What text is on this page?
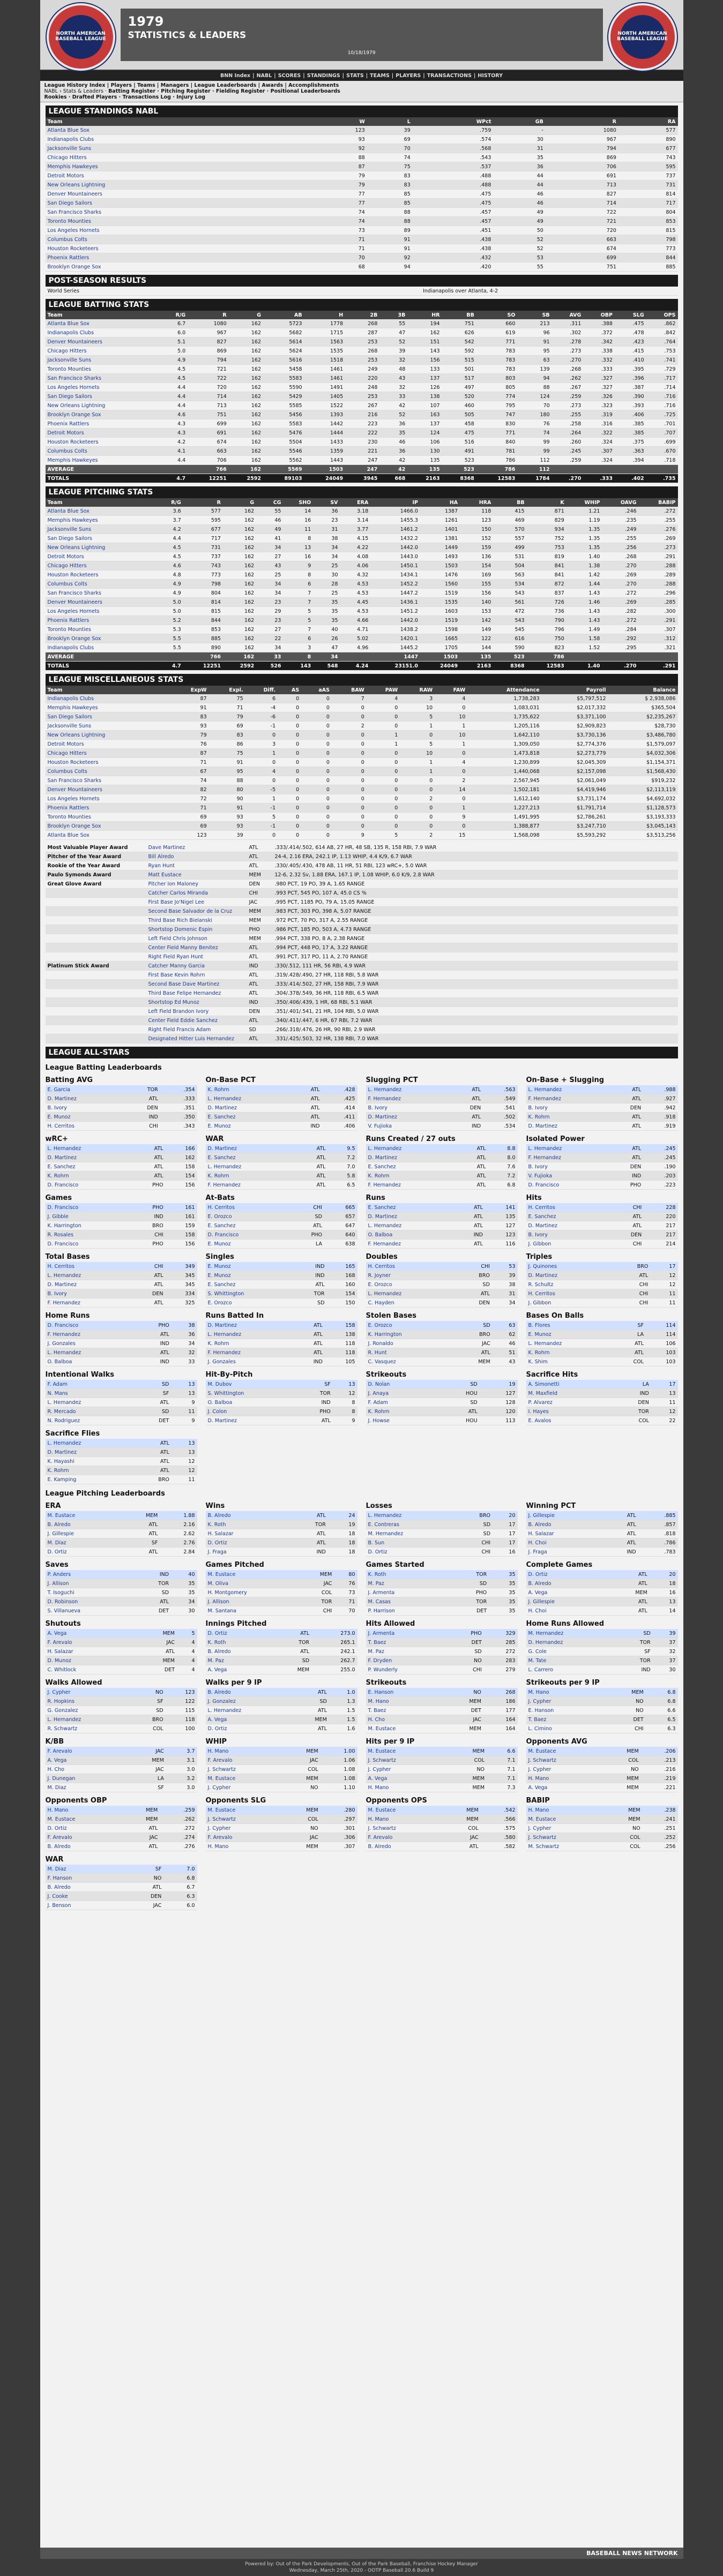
NORTH AMERICAN BASEBALL LEAGUE
1979
STATISTICS & LEADERS
10/18/1979
NORTH AMERICAN BASEBALL LEAGUE
BNN Index | NABL | SCORES | STANDINGS | STATS | TEAMS | PLAYERS | TRANSACTIONS | HISTORY
League History Index | Players | Teams | Managers | League Leaderboards | Awards | Accomplishments
NABL › Stats & Leaders · Batting Register · Pitching Register · Fielding Register · Positional Leaderboards
Rookies · Drafted Players · Transactions Log · Injury Log
LEAGUE STANDINGS NABL
Team	W	L	WPct	GB	R	RA
Atlanta Blue Sox	123	39	.759	-	1080	577
Indianapolis Clubs	93	69	.574	30	967	890
Jacksonville Suns	92	70	.568	31	794	677
Chicago Hitters	88	74	.543	35	869	743
Memphis Hawkeyes	87	75	.537	36	706	595
Detroit Motors	79	83	.488	44	691	737
New Orleans Lightning	79	83	.488	44	713	731
Denver Mountaineers	77	85	.475	46	827	814
San Diego Sailors	77	85	.475	46	714	717
San Francisco Sharks	74	88	.457	49	722	804
Toronto Mounties	74	88	.457	49	721	853
Los Angeles Hornets	73	89	.451	50	720	815
Columbus Colts	71	91	.438	52	663	798
Houston Rocketeers	71	91	.438	52	674	773
Phoenix Rattlers	70	92	.432	53	699	844
Brooklyn Orange Sox	68	94	.420	55	751	885
POST-SEASON RESULTS
World Series	Indianapolis over Atlanta, 4-2
LEAGUE BATTING STATS
Team	R/G	R	G	AB	H	2B	3B	HR	BB	SO	SB	AVG	OBP	SLG	OPS
Atlanta Blue Sox	6.7	1080	162	5723	1778	268	55	194	751	660	213	.311	.388	.475	.862
Indianapolis Clubs	6.0	967	162	5682	1715	287	47	162	626	619	96	.302	.372	.478	.842
Denver Mountaineers	5.1	827	162	5614	1563	253	52	151	542	771	91	.278	.342	.423	.764
Chicago Hitters	5.0	869	162	5624	1535	268	39	143	592	783	95	.273	.338	.415	.753
Jacksonville Suns	4.9	794	162	5616	1518	253	32	156	515	783	63	.270	.332	.410	.741
Toronto Mounties	4.5	721	162	5458	1461	249	48	133	501	783	139	.268	.333	.395	.729
San Francisco Sharks	4.5	722	162	5583	1461	220	43	137	517	803	94	.262	.327	.396	.717
Los Angeles Hornets	4.4	720	162	5590	1491	248	32	126	497	805	88	.267	.327	.387	.714
San Diego Sailors	4.4	714	162	5429	1405	253	33	138	520	774	124	.259	.326	.390	.716
New Orleans Lightning	4.4	713	162	5585	1522	267	42	107	460	795	70	.273	.323	.393	.716
Brooklyn Orange Sox	4.6	751	162	5456	1393	216	52	163	505	747	180	.255	.319	.406	.725
Phoenix Rattlers	4.3	699	162	5583	1442	223	36	137	458	830	76	.258	.316	.385	.701
Detroit Motors	4.3	691	162	5476	1444	222	35	124	475	771	74	.264	.322	.385	.707
Houston Rocketeers	4.2	674	162	5504	1433	230	46	106	516	840	99	.260	.324	.375	.699
Columbus Colts	4.1	663	162	5546	1359	221	36	130	491	781	99	.245	.307	.363	.670
Memphis Hawkeyes	4.4	706	162	5562	1443	247	42	135	523	786	112	.259	.324	.394	.718
AVERAGE		766	162	5569	1503	247	42	135	523	786	112				
TOTALS	4.7	12251	2592	89103	24049	3945	668	2163	8368	12583	1784	.270	.333	.402	.735
LEAGUE PITCHING STATS
Team	R/G	R	G	CG	SHO	SV	ERA	IP	HA	HRA	BB	K	WHIP	OAVG	BABIP
Atlanta Blue Sox	3.6	577	162	55	14	36	3.18	1466.0	1387	118	415	871	1.21	.246	.272
Memphis Hawkeyes	3.7	595	162	46	16	23	3.14	1455.3	1261	123	469	829	1.19	.235	.255
Jacksonville Suns	4.2	677	162	49	11	31	3.77	1461.2	1401	150	570	934	1.35	.249	.276
San Diego Sailors	4.4	717	162	41	8	38	4.15	1432.2	1381	152	557	752	1.35	.255	.269
New Orleans Lightning	4.5	731	162	34	13	34	4.22	1442.0	1449	159	499	753	1.35	.256	.273
Detroit Motors	4.5	737	162	27	16	34	4.08	1443.0	1493	136	531	819	1.40	.268	.291
Chicago Hitters	4.6	743	162	43	9	25	4.06	1450.1	1503	154	504	841	1.38	.270	.288
Houston Rocketeers	4.8	773	162	25	8	30	4.32	1434.1	1476	169	563	841	1.42	.269	.289
Columbus Colts	4.9	798	162	34	6	28	4.53	1452.2	1560	155	534	872	1.44	.270	.288
San Francisco Sharks	4.9	804	162	34	7	25	4.53	1447.2	1519	156	543	837	1.43	.272	.296
Denver Mountaineers	5.0	814	162	23	7	35	4.45	1436.1	1535	140	561	726	1.46	.269	.285
Los Angeles Hornets	5.0	815	162	29	5	35	4.53	1451.2	1603	153	472	736	1.43	.282	.300
Phoenix Rattlers	5.2	844	162	23	5	35	4.66	1442.0	1519	142	543	790	1.43	.272	.291
Toronto Mounties	5.3	853	162	27	7	40	4.71	1438.2	1598	149	545	796	1.49	.284	.307
Brooklyn Orange Sox	5.5	885	162	22	6	26	5.02	1420.1	1665	122	616	750	1.58	.292	.312
Indianapolis Clubs	5.5	890	162	34	3	47	4.96	1445.2	1705	144	590	823	1.52	.295	.321
AVERAGE		766	162	33	8	34		1447	1503	135	523	786			
TOTALS	4.7	12251	2592	526	143	548	4.24	23151.0	24049	2163	8368	12583	1.40	.270	.291
LEAGUE MISCELLANEOUS STATS
Team	ExpW	Expl.	Diff.	AS	aAS	BAW	PAW	RAW	FAW	Attendance	Payroll	Balance
Indianapolis Clubs	87	75	6	0	0	7	4	3	4	1,738,283	$5,797,512	$ 2,938,086
Memphis Hawkeyes	91	71	-4	0	0	0	0	10	0	1,083,031	$2,017,332	$365,504
San Diego Sailors	83	79	-6	0	0	0	0	5	10	1,735,622	$3,371,100	$2,235,267
Jacksonville Suns	93	69	-1	0	0	2	0	1	1	1,205,116	$2,909,823	$28,730
New Orleans Lightning	79	83	0	0	0	0	1	0	10	1,642,110	$3,730,136	$3,486,780
Detroit Motors	76	86	3	0	0	0	1	5	1	1,309,050	$2,774,376	$1,579,097
Chicago Hitters	87	75	1	0	0	0	0	10	0	1,473,818	$2,273,779	$4,032,306
Houston Rocketeers	71	91	0	0	0	0	0	1	4	1,230,899	$2,045,309	$1,154,371
Columbus Colts	67	95	4	0	0	0	0	1	0	1,440,068	$2,157,098	$1,568,430
San Francisco Sharks	74	88	0	0	0	0	0	0	2	2,567,945	$2,061,049	$919,232
Denver Mountaineers	82	80	-5	0	0	0	0	0	14	1,502,181	$4,419,946	$2,113,119
Los Angeles Hornets	72	90	1	0	0	0	0	2	0	1,612,140	$3,731,174	$4,692,032
Phoenix Rattlers	71	91	-1	0	0	0	0	0	1	1,227,213	$1,791,714	$1,128,573
Toronto Mounties	69	93	5	0	0	0	0	0	9	1,491,995	$2,786,261	$3,193,333
Brooklyn Orange Sox	69	93	-1	0	0	0	0	0	0	1,388,877	$3,247,710	$3,045,143
Atlanta Blue Sox	123	39	0	0	0	9	5	2	15	1,568,098	$5,593,292	$3,513,256
Most Valuable Player Award	Dave Martinez	ATL	.333/.414/.502, 614 AB, 27 HR, 48 SB, 135 R, 158 RBI, 7.9 WAR
Pitcher of the Year Award	Bill Alredo	ATL	24-4, 2.16 ERA, 242.1 IP, 1.13 WHIP, 4.4 K/9, 6.7 WAR
Rookie of the Year Award	Ryan Hunt	ATL	.330/.405/.430, 478 AB, 11 HR, 51 RBI, 123 wRC+, 5.0 WAR
Paulo Symonds Award	Matt Eustace	MEM	12-6, 2.32 Sv, 1.88 ERA, 167.1 IP, 1.08 WHIP, 6.0 K/9, 2.8 WAR
Great Glove Award	Pitcher Ion Maloney	DEN	.980 PCT, 19 PO, 39 A, 1.65 RANGE
	Catcher Carlos Miranda	CHI	.993 PCT, 545 PO, 107 A, 45.0 CS %
	First Base Jo'Nigel Lee	JAC	.995 PCT, 1185 PO, 79 A, 15.05 RANGE
	Second Base Salvador de la Cruz	MEM	.983 PCT, 303 PO, 398 A, 5.07 RANGE
	Third Base Rich Bielanski	MEM	.972 PCT, 70 PO, 317 A, 2.55 RANGE
	Shortstop Domenic Espin	PHO	.986 PCT, 185 PO, 503 A, 4.73 RANGE
	Left Field Chris Johnson	MEM	.994 PCT, 338 PO, 8 A, 2.38 RANGE
	Center Field Manny Benitez	ATL	.994 PCT, 448 PO, 17 A, 3.22 RANGE
	Right Field Ryan Hunt	ATL	.991 PCT, 317 PO, 11 A, 2.70 RANGE
Platinum Stick Award	Catcher Manny Garcia	IND	.330/.512, 111 HR, 56 RBI, 4.9 WAR
	First Base Kevin Rohrn	ATL	.319/.428/.490, 27 HR, 118 RBI, 5.8 WAR
	Second Base Dave Martinez	ATL	.333/.414/.502, 27 HR, 158 RBI, 7.9 WAR
	Third Base Felipe Hernandez	ATL	.304/.378/.549, 36 HR, 118 RBI, 6.5 WAR
	Shortstop Ed Munoz	IND	.350/.406/.439, 1 HR, 68 RBI, 5.1 WAR
	Left Field Brandon Ivory	DEN	.351/.401/.541, 21 HR, 104 RBI, 5.0 WAR
	Center Field Eddie Sanchez	ATL	.340/.411/.447, 6 HR, 67 RBI, 7.2 WAR
	Right Field Francis Adam	SD	.266/.318/.476, 26 HR, 90 RBI, 2.9 WAR
	Designated Hitter Luis Hernandez	ATL	.331/.425/.503, 32 HR, 138 RBI, 7.0 WAR
LEAGUE ALL-STARS
League Batting Leaderboards
Batting AVG
E. Garcia	TOR	.354
D. Martinez	ATL	.333
B. Ivory	DEN	.351
E. Munoz	IND	.350
H. Cerritos	CHI	.343
On-Base PCT
K. Rohrn	ATL	.428
L. Hernandez	ATL	.425
D. Martinez	ATL	.414
E. Sanchez	ATL	.411
E. Munoz	IND	.406
Slugging PCT
L. Hernandez	ATL	.563
F. Hernandez	ATL	.549
B. Ivory	DEN	.541
D. Martinez	ATL	.502
V. Fujioka	IND	.534
On-Base + Slugging
L. Hernandez	ATL	.988
F. Hernandez	ATL	.927
B. Ivory	DEN	.942
K. Rohrn	ATL	.918
D. Martinez	ATL	.919
wRC+
L. Hernandez	ATL	166
D. Martinez	ATL	162
E. Sanchez	ATL	158
K. Rohrn	ATL	154
D. Francisco	PHO	156
WAR
D. Martinez	ATL	9.5
E. Sanchez	ATL	7.2
L. Hernandez	ATL	7.0
K. Rohrn	ATL	5.8
F. Hernandez	ATL	6.5
Runs Created / 27 outs
L. Hernandez	ATL	8.8
D. Martinez	ATL	8.0
E. Sanchez	ATL	7.6
K. Rohrn	ATL	7.2
F. Hernandez	ATL	6.8
Isolated Power
L. Hernandez	ATL	.245
F. Hernandez	ATL	.245
B. Ivory	DEN	.190
V. Fujioka	IND	.203
D. Francisco	PHO	.223
Games
D. Francisco	PHO	161
J. Gibble	IND	161
K. Harrington	BRO	159
R. Rosales	CHI	158
D. Francisco	PHO	156
At-Bats
H. Cerritos	CHI	665
E. Orozco	SD	657
E. Sanchez	ATL	647
D. Francisco	PHO	640
E. Munoz	LA	638
Runs
E. Sanchez	ATL	141
D. Martinez	ATL	135
L. Hernandez	ATL	127
O. Balboa	IND	123
F. Hernandez	ATL	116
Hits
H. Cerritos	CHI	228
E. Sanchez	ATL	220
D. Martinez	ATL	217
B. Ivory	DEN	217
J. Gibbon	CHI	214
Total Bases
H. Cerritos	CHI	349
L. Hernandez	ATL	345
D. Martinez	ATL	345
B. Ivory	DEN	334
F. Hernandez	ATL	325
Singles
E. Munoz	IND	165
E. Munoz	IND	168
E. Sanchez	ATL	160
S. Whittington	TOR	154
E. Orozco	SD	150
Doubles
H. Cerritos	CHI	53
R. Joyner	BRO	39
E. Orozco	SD	38
L. Hernandez	ATL	31
C. Hayden	DEN	34
Triples
J. Quinones	BRO	17
D. Martinez	ATL	12
R. Schultz	CHI	12
H. Cerritos	CHI	11
J. Gibbon	CHI	11
Home Runs
D. Francisco	PHO	38
F. Hernandez	ATL	36
J. Gonzales	IND	34
L. Hernandez	ATL	32
O. Balboa	IND	33
Runs Batted In
D. Martinez	ATL	158
L. Hernandez	ATL	138
K. Rohrn	ATL	118
F. Hernandez	ATL	118
J. Gonzales	IND	105
Stolen Bases
E. Orozco	SD	63
K. Harrington	BRO	62
J. Ronaldo	JAC	46
R. Hunt	ATL	51
C. Vasquez	MEM	43
Bases On Balls
B. Flores	SF	114
E. Munoz	LA	114
L. Hernandez	ATL	106
K. Rohrn	ATL	103
K. Shim	COL	103
Intentional Walks
F. Adam	SD	13
N. Mans	SF	13
L. Hernandez	ATL	9
R. Mercado	SD	11
N. Rodriguez	DET	9
Hit-By-Pitch
M. Dubov	SF	13
S. Whittington	TOR	12
O. Balboa	IND	8
J. Colon	PHO	8
D. Martinez	ATL	9
Strikeouts
D. Nolan	SD	19
J. Anaya	HOU	127
F. Adam	SD	128
K. Rohrn	ATL	120
J. Howse	HOU	113
Sacrifice Hits
A. Simonetti	LA	17
M. Maxfield	IND	13
P. Alvarez	DEN	11
I. Hayes	TOR	12
E. Avalos	COL	22
Sacrifice Flies
L. Hernandez	ATL	13
D. Martinez	ATL	13
K. Hayashi	ATL	12
K. Rohrn	ATL	12
E. Kamping	BRO	11
League Pitching Leaderboards
ERA
M. Eustace	MEM	1.88
B. Alredo	ATL	2.16
J. Gillespie	ATL	2.62
M. Diaz	SF	2.76
D. Ortiz	ATL	2.84
Wins
B. Alredo	ATL	24
K. Roth	TOR	19
H. Salazar	ATL	18
D. Ortiz	ATL	18
J. Fraga	IND	18
Losses
L. Hernandez	BRO	20
E. Contreras	SD	17
M. Hernandez	SD	17
B. Sun	CHI	17
D. Ortiz	CHI	16
Winning PCT
J. Gillespie	ATL	.885
B. Alredo	ATL	.857
H. Salazar	ATL	.818
H. Choi	ATL	.786
J. Fraga	IND	.783
Saves
P. Anders	IND	40
J. Allison	TOR	35
T. Isoguchi	SD	35
D. Robinson	ATL	34
S. Villanueva	DET	30
Games Pitched
M. Eustace	MEM	80
M. Oliva	JAC	76
H. Montgomery	COL	73
J. Allison	TOR	71
M. Santana	CHI	70
Games Started
K. Roth	TOR	35
M. Paz	SD	35
J. Armenta	PHO	35
M. Casas	TOR	35
P. Harrison	DET	35
Complete Games
D. Ortiz	ATL	20
B. Alredo	ATL	18
A. Vega	MEM	16
J. Gillespie	ATL	13
H. Choi	ATL	14
Shutouts
A. Vega	MEM	5
F. Arevalo	JAC	4
H. Salazar	ATL	4
D. Munoz	MEM	4
C. Whitlock	DET	4
Innings Pitched
D. Ortiz	ATL	273.0
K. Roth	TOR	265.1
B. Alredo	ATL	242.1
M. Paz	SD	262.7
A. Vega	MEM	255.0
Hits Allowed
J. Armenta	PHO	329
T. Baez	DET	285
M. Paz	SD	272
F. Dryden	NO	283
P. Wunderly	CHI	279
Home Runs Allowed
M. Hernandez	SD	39
D. Hernandez	TOR	37
G. Cole	SF	32
M. Tate	TOR	37
L. Carrero	IND	30
Walks Allowed
J. Cypher	NO	123
R. Hopkins	SF	122
G. Gonzalez	SD	115
L. Hernandez	BRO	118
R. Schwartz	COL	100
Walks per 9 IP
B. Alredo	ATL	1.0
J. Gonzalez	SD	1.3
L. Hernandez	ATL	1.5
A. Vega	MEM	1.5
D. Ortiz	ATL	1.6
Strikeouts
E. Hanson	NO	268
M. Hano	MEM	186
T. Baez	DET	177
H. Cho	JAC	164
M. Eustace	MEM	164
Strikeouts per 9 IP
M. Hano	MEM	6.8
J. Cypher	NO	6.8
E. Hanson	NO	6.6
T. Baez	DET	6.5
L. Cimino	CHI	6.3
K/BB
F. Arevalo	JAC	3.7
A. Vega	MEM	3.1
H. Cho	JAC	3.0
J. Dunegan	LA	3.2
M. Diaz	SF	3.0
WHIP
H. Mano	MEM	1.00
F. Arevalo	JAC	1.06
J. Schwartz	COL	1.08
M. Eustace	MEM	1.08
J. Cypher	NO	1.10
Hits per 9 IP
M. Eustace	MEM	6.6
J. Schwartz	COL	7.1
J. Cypher	NO	7.1
A. Vega	MEM	7.1
H. Mano	MEM	7.3
Opponents AVG
M. Eustace	MEM	.206
J. Schwartz	COL	.213
J. Cypher	NO	.216
H. Mano	MEM	.219
A. Vega	MEM	.221
Opponents OBP
H. Mano	MEM	.259
M. Eustace	MEM	.262
D. Ortiz	ATL	.272
F. Arevalo	JAC	.274
B. Alredo	ATL	.276
Opponents SLG
M. Eustace	MEM	.280
J. Schwartz	COL	.297
J. Cypher	NO	.301
F. Arevalo	JAC	.306
H. Mano	MEM	.307
Opponents OPS
M. Eustace	MEM	.542
H. Mano	MEM	.566
J. Schwartz	COL	.575
F. Arevalo	JAC	.580
B. Alredo	ATL	.582
BABIP
H. Mano	MEM	.238
M. Eustace	MEM	.241
J. Cypher	NO	.251
J. Schwartz	COL	.252
M. Schwartz	COL	.256
WAR
M. Diaz	SF	7.0
F. Hanson	NO	6.8
B. Alredo	ATL	6.7
J. Cooke	DEN	6.3
J. Benson	JAC	6.0
BASEBALL NEWS NETWORK
Powered by: Out of the Park Developments, Out of the Park Baseball, Franchise Hockey Manager
Wednesday, March 25th, 2020 - OOTP Baseball 20.6 Build 9
